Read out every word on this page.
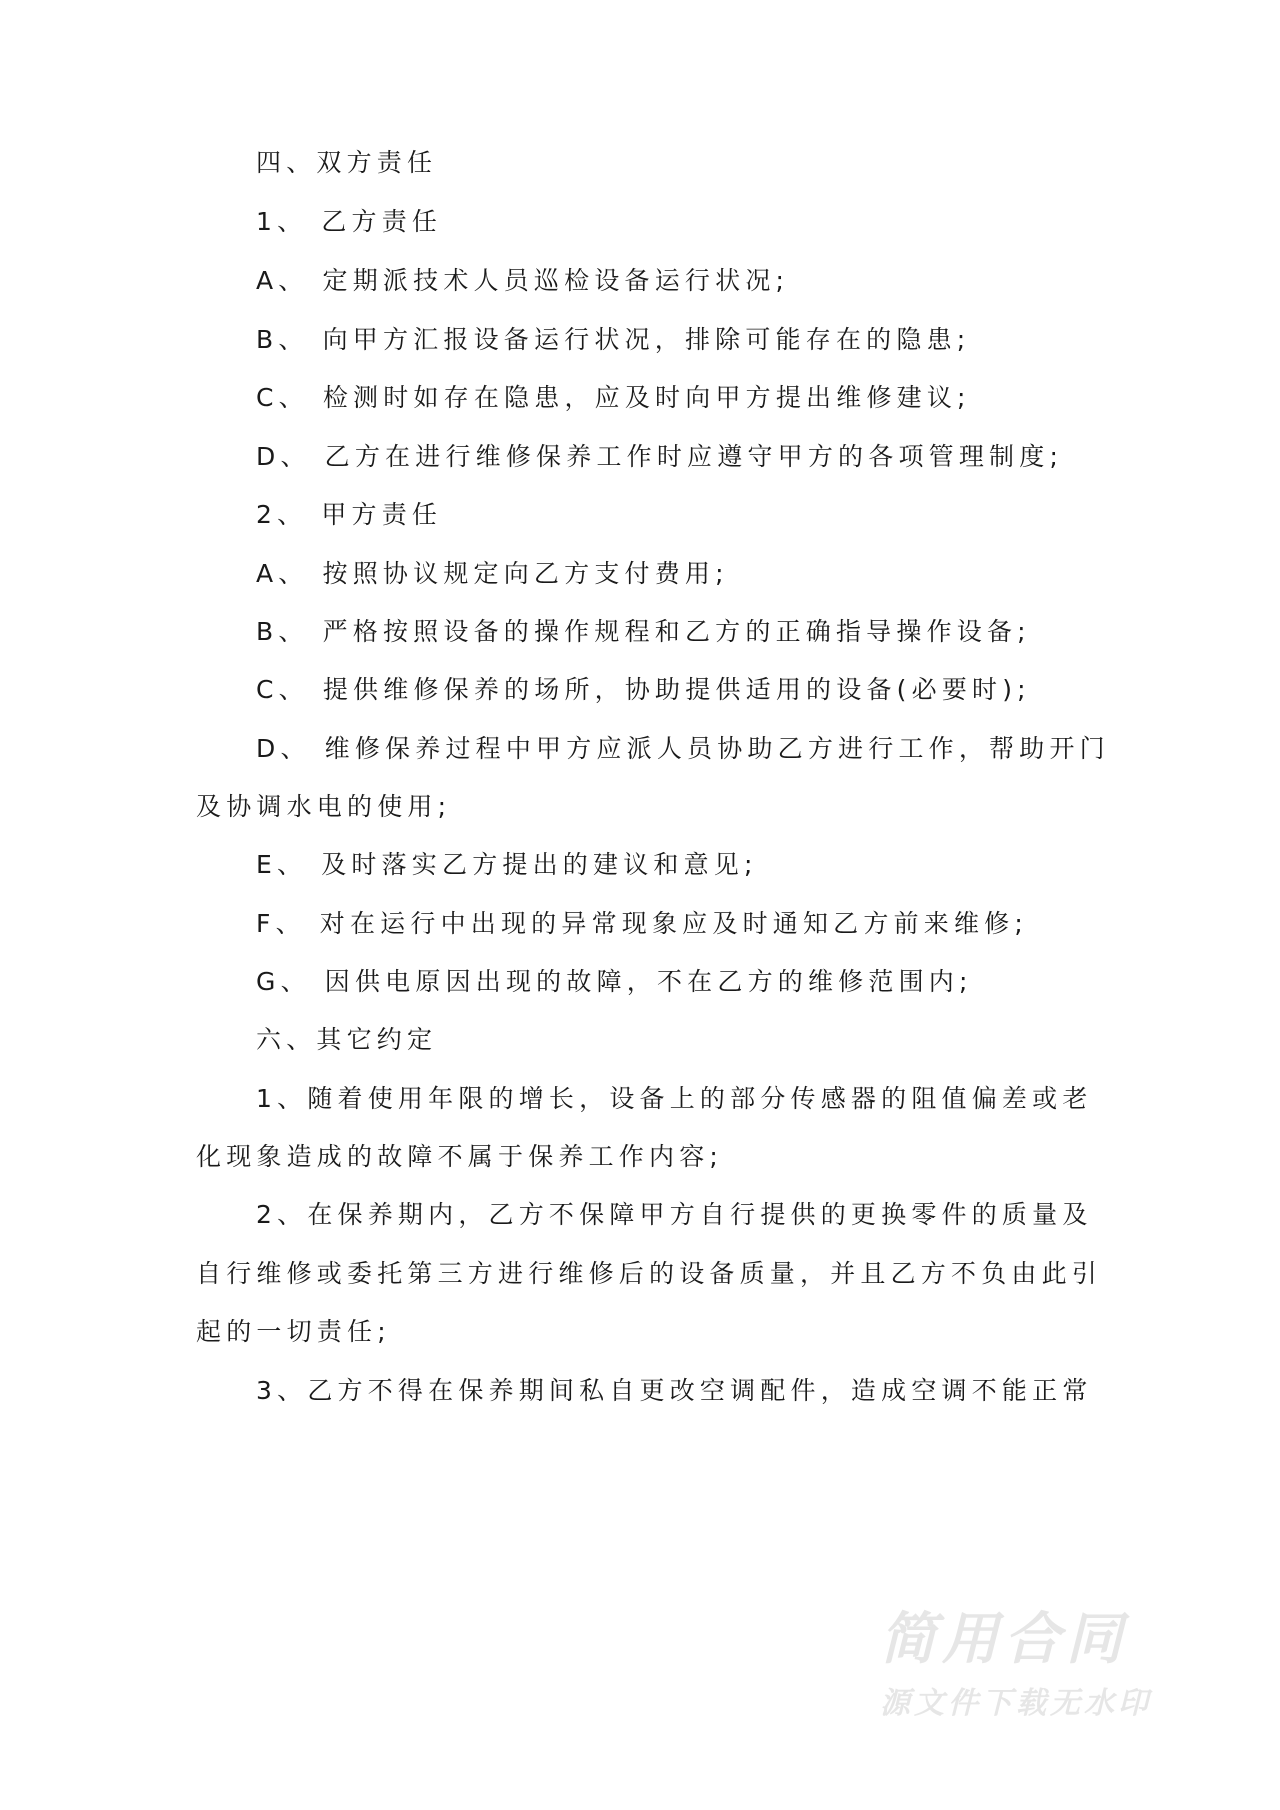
四、双方责任
1、 乙方责任
A、 定期派技术人员巡检设备运行状况;
B、 向甲方汇报设备运行状况，排除可能存在的隐患;
C、 检测时如存在隐患，应及时向甲方提出维修建议;
D、 乙方在进行维修保养工作时应遵守甲方的各项管理制度;
2、 甲方责任
A、 按照协议规定向乙方支付费用;
B、 严格按照设备的操作规程和乙方的正确指导操作设备;
C、 提供维修保养的场所，协助提供适用的设备(必要时);
D、 维修保养过程中甲方应派人员协助乙方进行工作，帮助开门
及协调水电的使用;
E、 及时落实乙方提出的建议和意见;
F、 对在运行中出现的异常现象应及时通知乙方前来维修;
G、 因供电原因出现的故障，不在乙方的维修范围内;
六、其它约定
1、随着使用年限的增长，设备上的部分传感器的阻值偏差或老
化现象造成的故障不属于保养工作内容;
2、在保养期内，乙方不保障甲方自行提供的更换零件的质量及
自行维修或委托第三方进行维修后的设备质量，并且乙方不负由此引
起的一切责任;
3、乙方不得在保养期间私自更改空调配件，造成空调不能正常
简用合同
源文件下载无水印
